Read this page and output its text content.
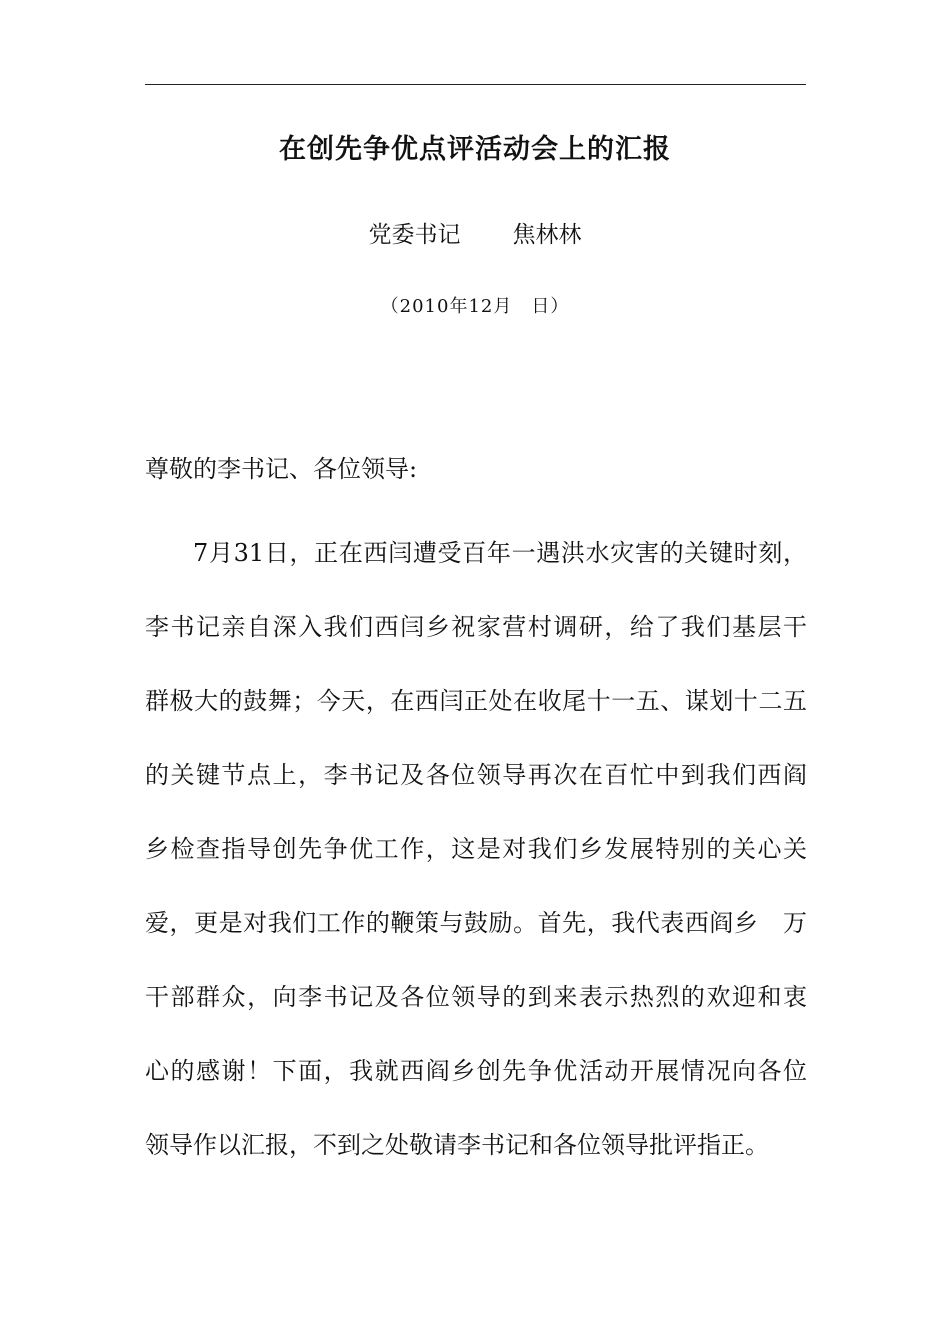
在创先争优点评活动会上的汇报
党委书记 焦林林
（2010年12月　日）
尊敬的李书记、各位领导:
7月31日，正在西闫遭受百年一遇洪水灾害的关键时刻，
李书记亲自深入我们西闫乡祝家营村调研，给了我们基层干
群极大的鼓舞；今天，在西闫正处在收尾十一五、谋划十二五
的关键节点上，李书记及各位领导再次在百忙中到我们西阎
乡检查指导创先争优工作，这是对我们乡发展特别的关心关
爱，更是对我们工作的鞭策与鼓励。首先，我代表西阎乡　万
干部群众，向李书记及各位领导的到来表示热烈的欢迎和衷
心的感谢！下面，我就西阎乡创先争优活动开展情况向各位
领导作以汇报，不到之处敬请李书记和各位领导批评指正。
